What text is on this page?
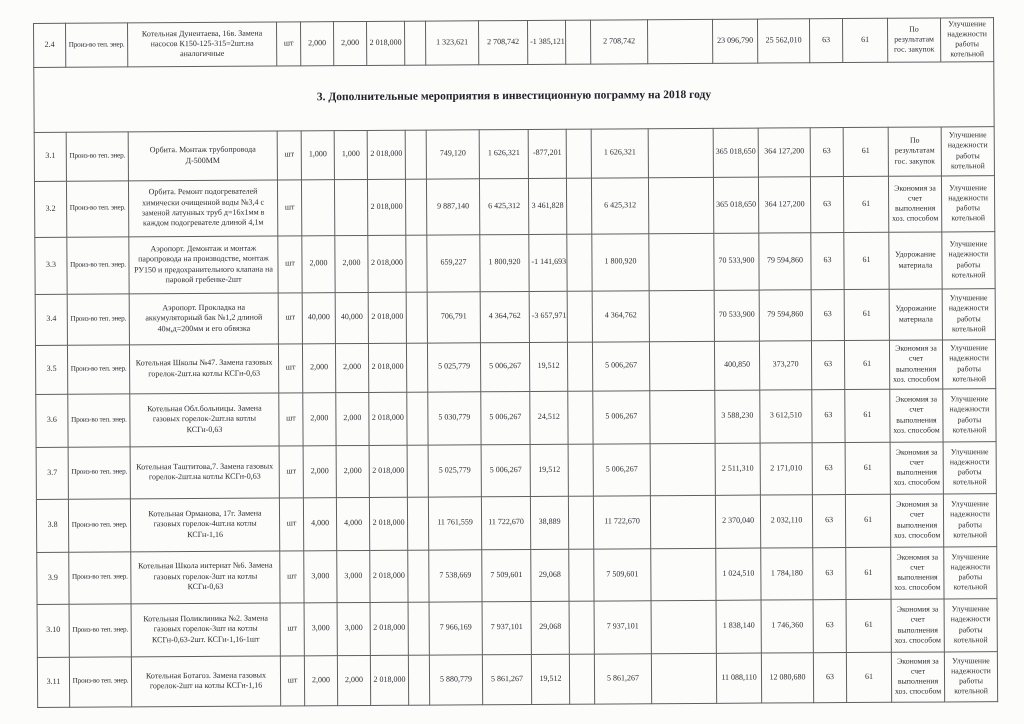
2.4	Произ-во теп. энер.	Котельная Дунентаева, 16в. Замена насосов К150-125-315=2шт.на аналогичные	шт	2,000	2,000	2 018,000		1 323,621	2 708,742	-1 385,121		2 708,742		23 096,790	25 562,010	63	61	По результатам гос. закупок	Улучшение надежности работы котельной
3. Дополнительные мероприятия в инвестиционную пограмму на 2018 году																			
3.1	Произ-во теп. энер.	Орбита. Монтаж трубопровода Д-500ММ	шт	1,000	1,000	2 018,000		749,120	1 626,321	-877,201		1 626,321		365 018,650	364 127,200	63	61	По результатам гос. закупок	Улучшение надежности работы котельной
3.2	Произ-во теп. энер.	Орбита. Ремонт подогревателей химически очищенной воды №3,4 с заменой латунных труб д=16х1мм в каждом подогревателе длиной 4,1м	шт			2 018,000		9 887,140	6 425,312	3 461,828		6 425,312		365 018,650	364 127,200	63	61	Экономия за счет выполнения хоз. способом	Улучшение надежности работы котельной
3.3	Произ-во теп. энер.	Аэропорт. Демонтаж и монтаж паропровода на производстве, монтаж РУ150 и предохранительного клапана на паровой гребенке-2шт	шт	2,000	2,000	2 018,000		659,227	1 800,920	-1 141,693		1 800,920		70 533,900	79 594,860	63	61	Удорожание материала	Улучшение надежности работы котельной
3.4	Произ-во теп. энер.	Аэропорт. Прокладка на аккумуляторный бак №1,2 длиной 40м,д=200мм и его обвязка	шт	40,000	40,000	2 018,000		706,791	4 364,762	-3 657,971		4 364,762		70 533,900	79 594,860	63	61	Удорожание материала	Улучшение надежности работы котельной
3.5	Произ-во теп. энер.	Котельная Школы №47. Замена газовых горелок-2шт.на котлы КСГн-0,63	шт	2,000	2,000	2 018,000		5 025,779	5 006,267	19,512		5 006,267		400,850	373,270	63	61	Экономия за счет выполнения хоз. способом	Улучшение надежности работы котельной
3.6	Произ-во теп. энер.	Котельная Обл.больницы. Замена газовых горелок-2шт.на котлы КСГн-0,63	шт	2,000	2,000	2 018,000		5 030,779	5 006,267	24,512		5 006,267		3 588,230	3 612,510	63	61	Экономия за счет выполнения хоз. способом	Улучшение надежности работы котельной
3.7	Произ-во теп. энер.	Котельная Таштитова,7. Замена газовых горелок-2шт.на котлы КСГн-0,63	шт	2,000	2,000	2 018,000		5 025,779	5 006,267	19,512		5 006,267		2 511,310	2 171,010	63	61	Экономия за счет выполнения хоз. способом	Улучшение надежности работы котельной
3.8	Произ-во теп. энер.	Котельная Орманова, 17г. Замена газовых горелок-4шт.на котлы КСГн-1,16	шт	4,000	4,000	2 018,000		11 761,559	11 722,670	38,889		11 722,670		2 370,040	2 032,110	63	61	Экономия за счет выполнения хоз. способом	Улучшение надежности работы котельной
3.9	Произ-во теп. энер.	Котельная Школа интернат №6. Замена газовых горелок-3шт на котлы КСГн-0,63	шт	3,000	3,000	2 018,000		7 538,669	7 509,601	29,068		7 509,601		1 024,510	1 784,180	63	61	Экономия за счет выполнения хоз. способом	Улучшение надежности работы котельной
3.10	Произ-во теп. энер.	Котельная Поликлиника №2. Замена газовых горелок-3шт на котлы КСГн-0,63-2шт. КСГн-1,16-1шт	шт	3,000	3,000	2 018,000		7 966,169	7 937,101	29,068		7 937,101		1 838,140	1 746,360	63	61	Экономия за счет выполнения хоз. способом	Улучшение надежности работы котельной
3.11	Произ-во теп. энер.	Котельная Ботагоз. Замена газовых горелок-2шт на котлы КСГн-1,16	шт	2,000	2,000	2 018,000		5 880,779	5 861,267	19,512		5 861,267		11 088,110	12 080,680	63	61	Экономия за счет выполнения хоз. способом	Улучшение надежности работы котельной
